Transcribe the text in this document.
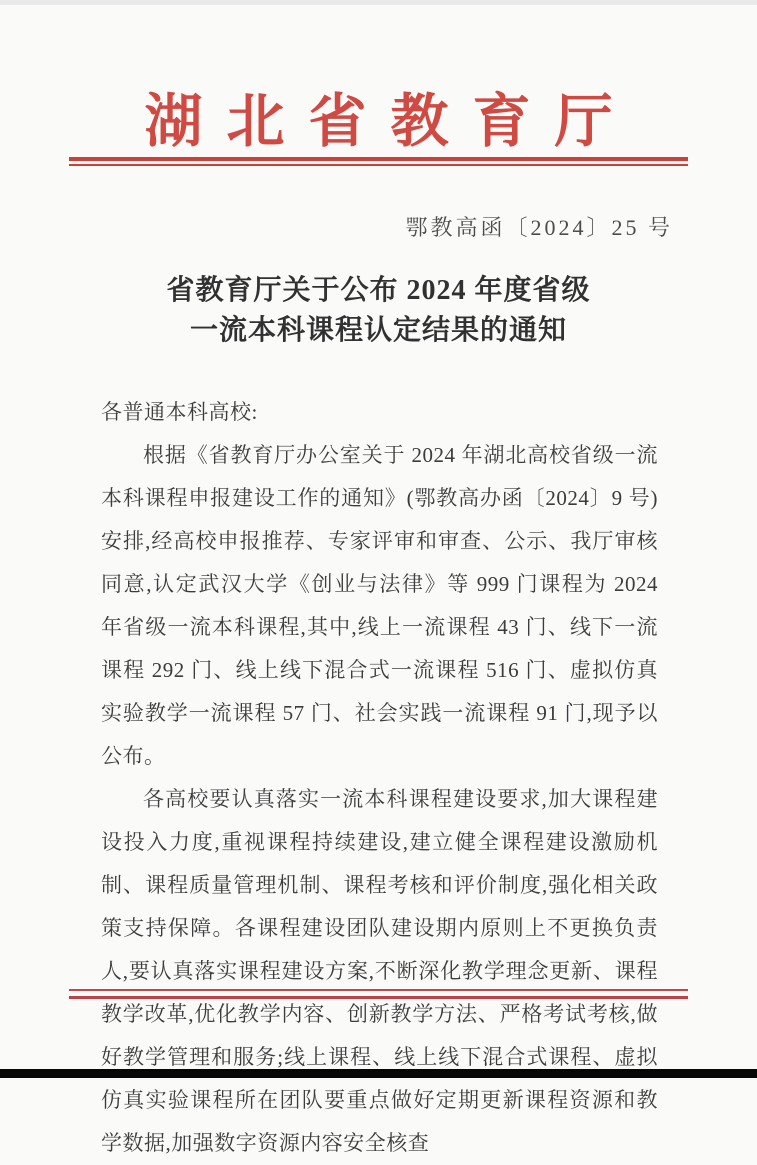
湖北省教育厅
鄂教高函〔2024〕25 号
省教育厅关于公布 2024 年度省级
一流本科课程认定结果的通知
各普通本科高校:

根据《省教育厅办公室关于 2024 年湖北高校省级一流本科课程申报建设工作的通知》(鄂教高办函〔2024〕9 号)安排,经高校申报推荐、专家评审和审查、公示、我厅审核同意,认定武汉大学《创业与法律》等 999 门课程为 2024 年省级一流本科课程,其中,线上一流课程 43 门、线下一流课程 292 门、线上线下混合式一流课程 516 门、虚拟仿真实验教学一流课程 57 门、社会实践一流课程 91 门,现予以公布。

各高校要认真落实一流本科课程建设要求,加大课程建设投入力度,重视课程持续建设,建立健全课程建设激励机制、课程质量管理机制、课程考核和评价制度,强化相关政策支持保障。各课程建设团队建设期内原则上不更换负责人,要认真落实课程建设方案,不断深化教学理念更新、课程教学改革,优化教学内容、创新教学方法、严格考试考核,做好教学管理和服务;线上课程、线上线下混合式课程、虚拟仿真实验课程所在团队要重点做好定期更新课程资源和教学数据,加强数字资源内容安全核查
